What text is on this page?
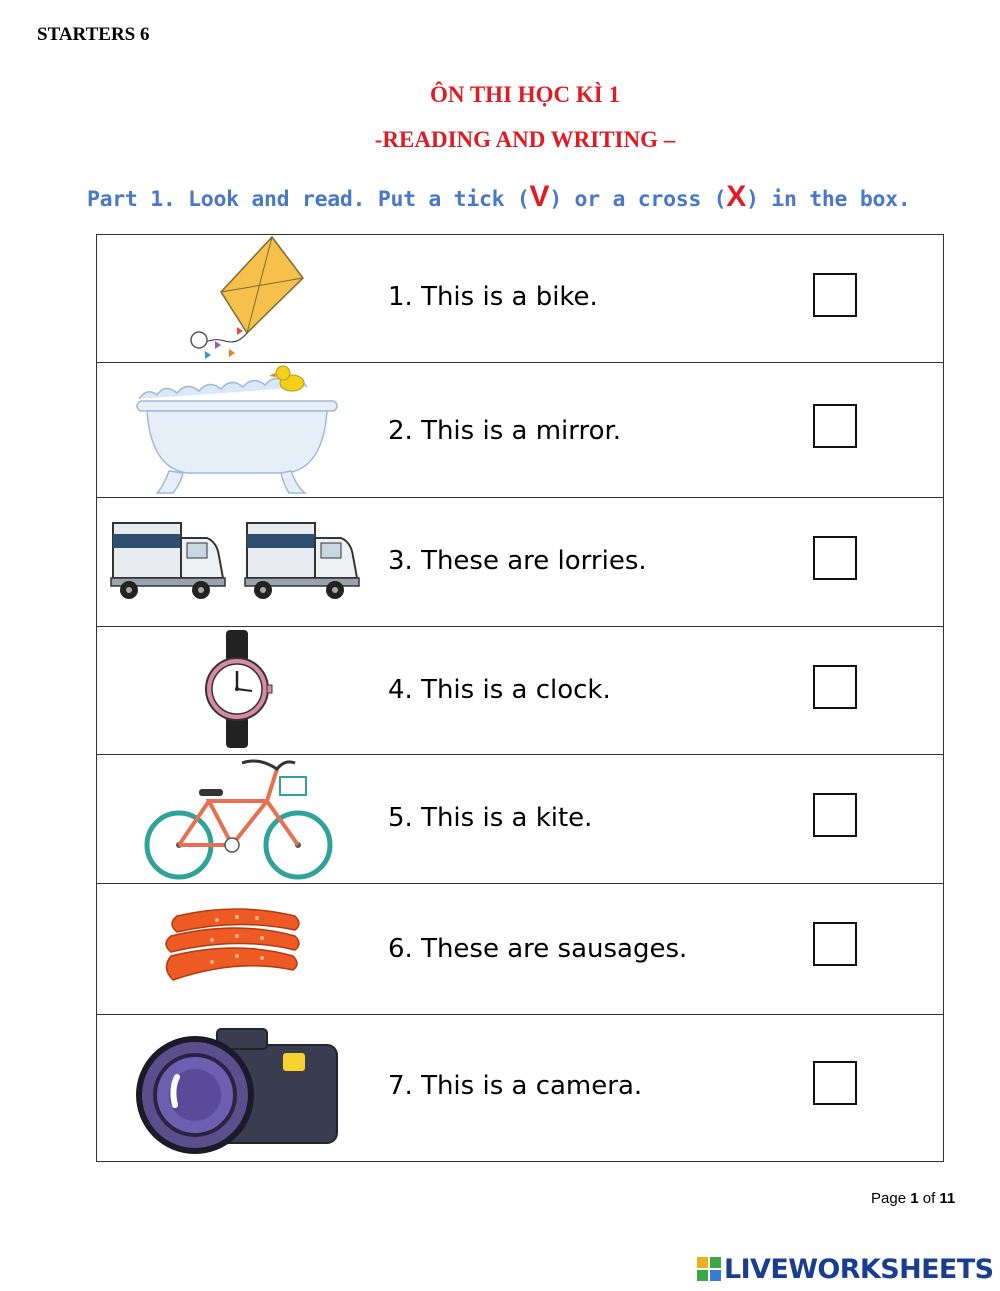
STARTERS 6
ÔN THI HỌC KÌ 1
-READING AND WRITING –
Part 1. Look and read. Put a tick (V) or a cross (X) in the box.
1. This is a bike.
2. This is a mirror.
3. These are lorries.
4. This is a clock.
5. This is a kite.
6. These are sausages.
7. This is a camera.
Page 1 of 11
LIVEWORKSHEETS
